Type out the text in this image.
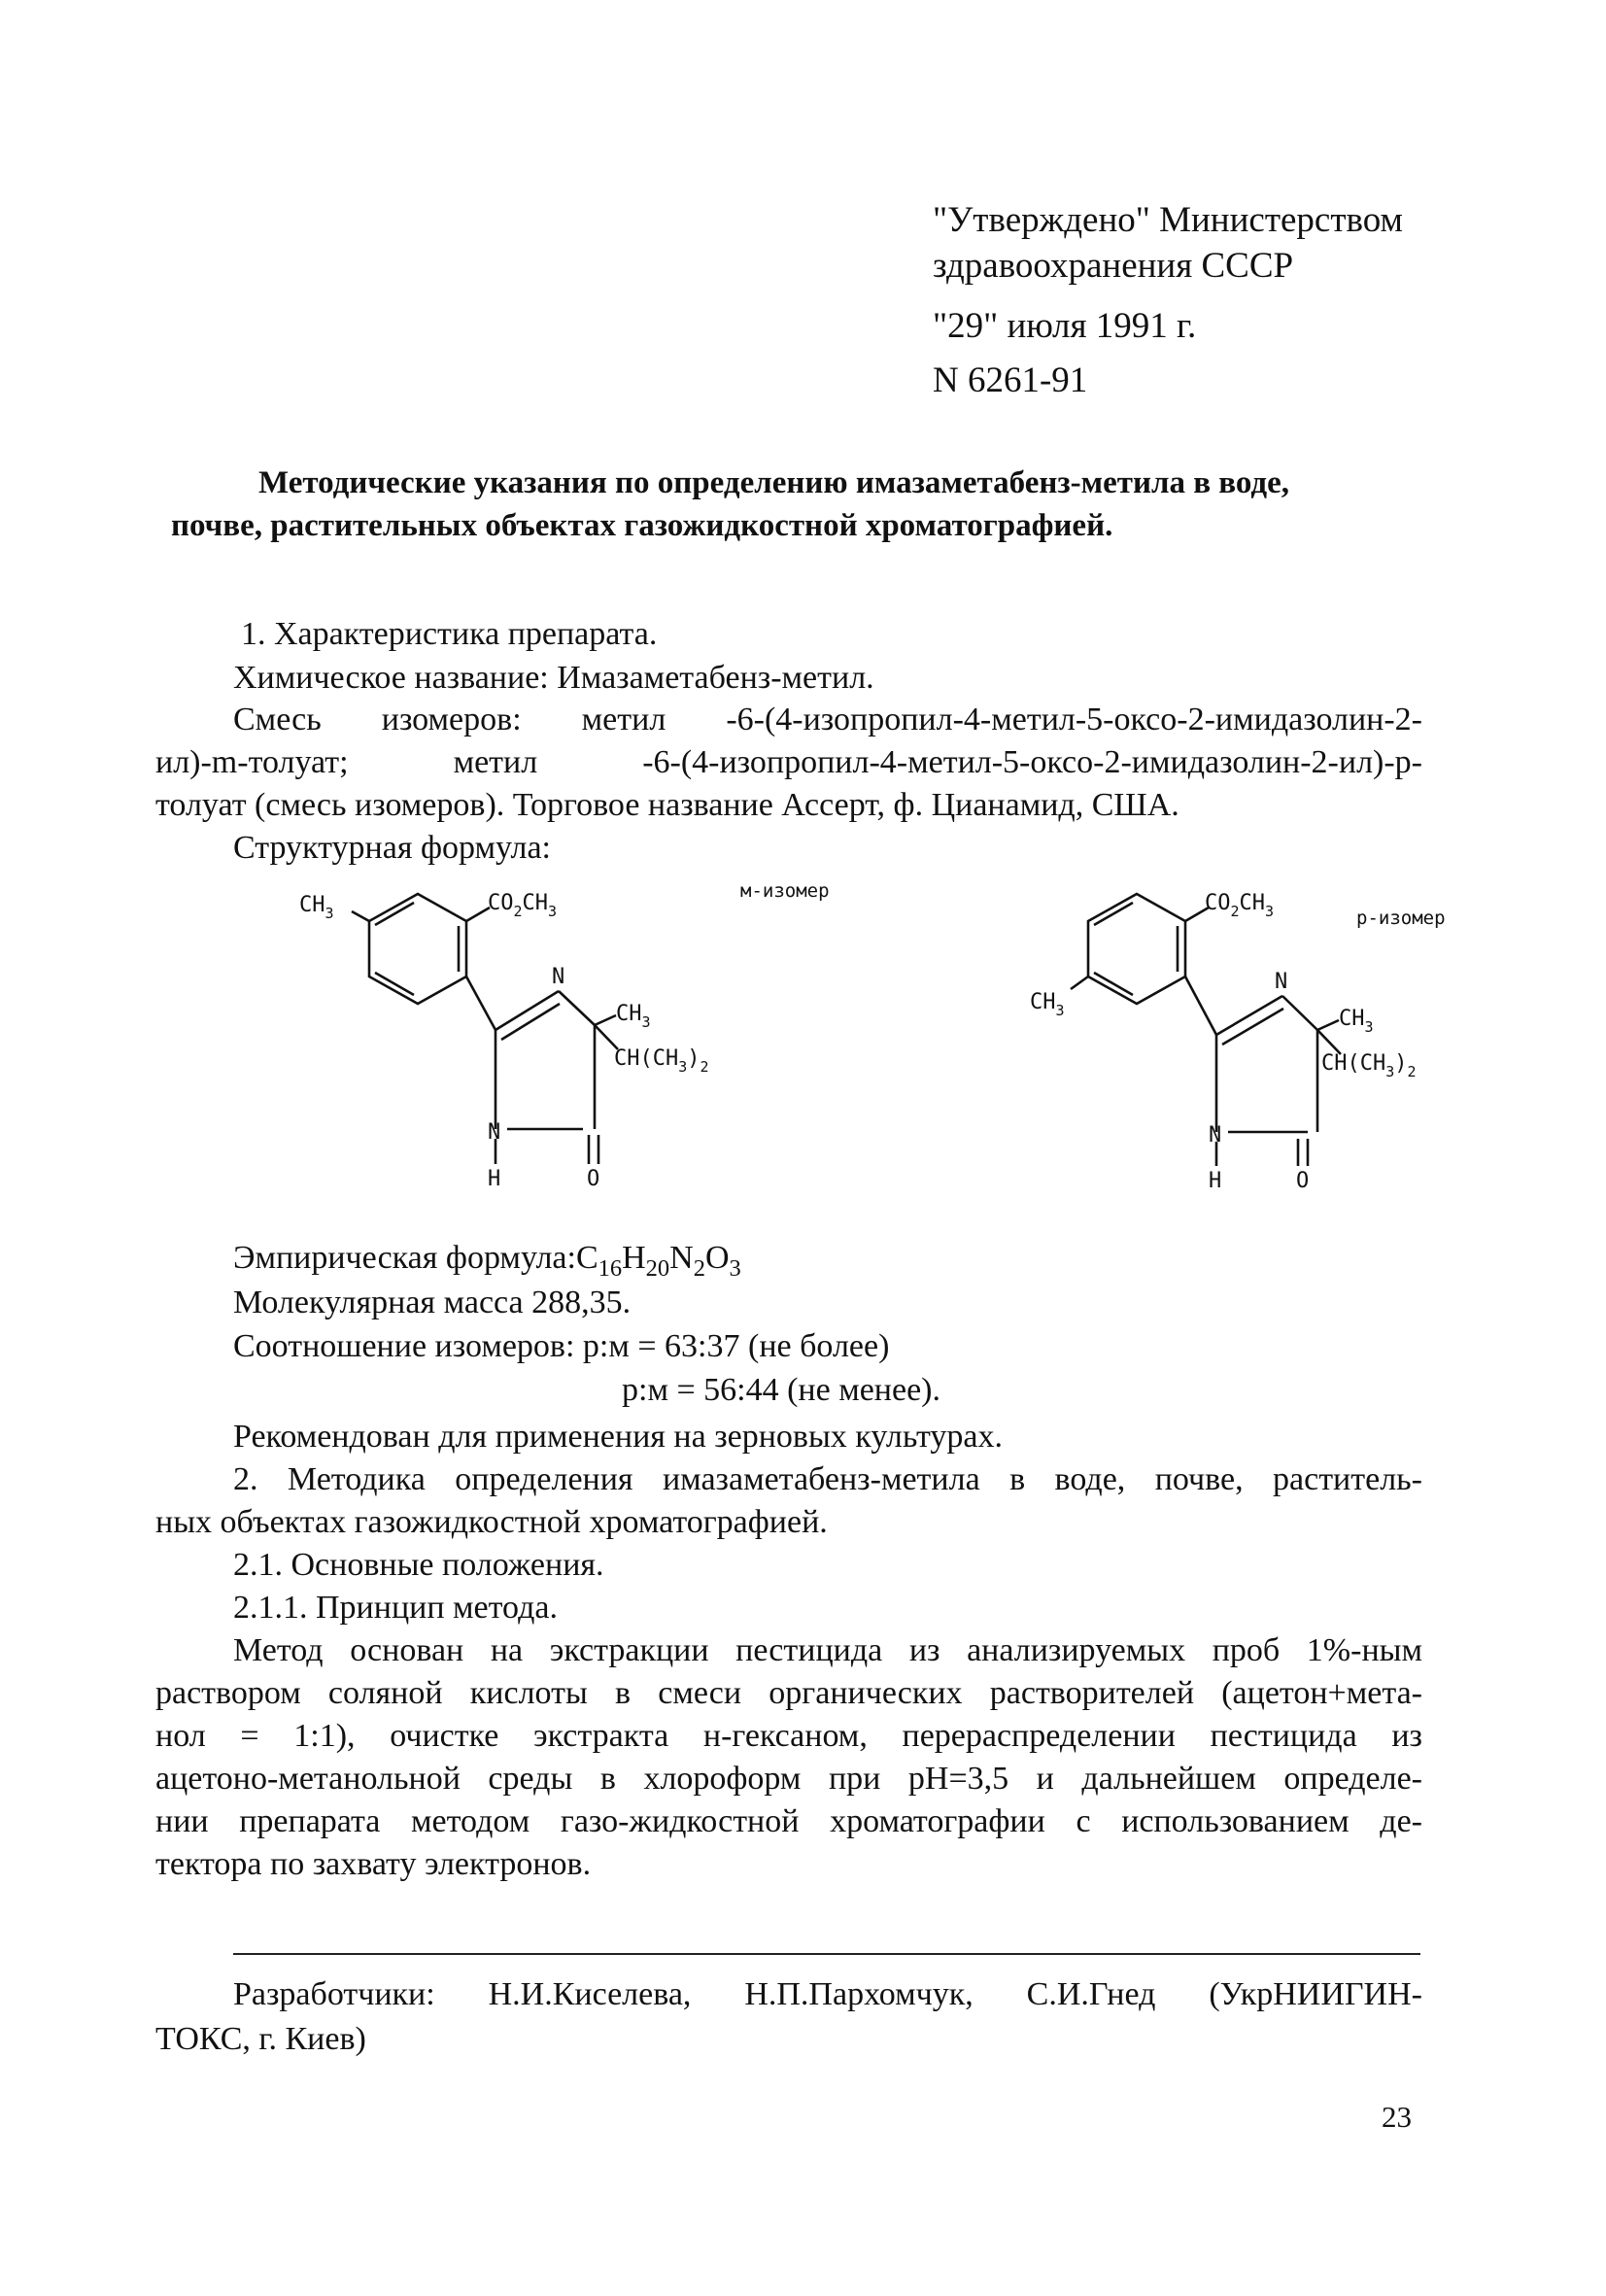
"Утверждено" Министерством
здравоохранения СССР
"29" июля 1991 г.
N 6261-91
Методические указания по определению имазаметабенз-метила в воде,
почве, растительных объектах газожидкостной хроматографией.
1. Характеристика препарата.
Химическое название: Имазаметабенз-метил.
Смесь изомеров: метил -6-(4-изопропил-4-метил-5-оксо-2-имидазолин-2-
ил)-m-толуат; метил -6-(4-изопропил-4-метил-5-оксо-2-имидазолин-2-ил)-р-
толуат (смесь изомеров). Торговое название Ассерт, ф. Цианамид, США.
Структурная формула:
$CH_3$	$CO_2CH_3$
N
$CH_3$
$CH(CH_3)_2$
N
H	O
м-изомер
$CH_3$
$CO_2CH_3$
N
$CH_3$
$CH(CH_3)_2$
N
H	O
р-изомер
Эмпирическая $формула:C_{16}H_{20}N_2O_3$
Молекулярная масса 288,35.
Соотношение изомеров: р:м = 63:37 (не более)
р:м = 56:44 (не менее).
Рекомендован для применения на зерновых культурах.
2. Методика определения имазаметабенз-метила в воде, почве, раститель-
ных объектах газожидкостной хроматографией.
2.1. Основные положения.
2.1.1. Принцип метода.
Метод основан на экстракции пестицида из анализируемых проб 1%-ным
раствором соляной кислоты в смеси органических растворителей (ацетон+мета-
нол = 1:1), очистке экстракта н-гексаном, перераспределении пестицида из
ацетоно-метанольной среды в хлороформ при рН=3,5 и дальнейшем определе-
нии препарата методом газо-жидкостной хроматографии с использованием де-
тектора по захвату электронов.
Разработчики: Н.И.Киселева, Н.П.Пархомчук, С.И.Гнед (УкрНИИГИН-
ТОКС, г. Киев)
23
